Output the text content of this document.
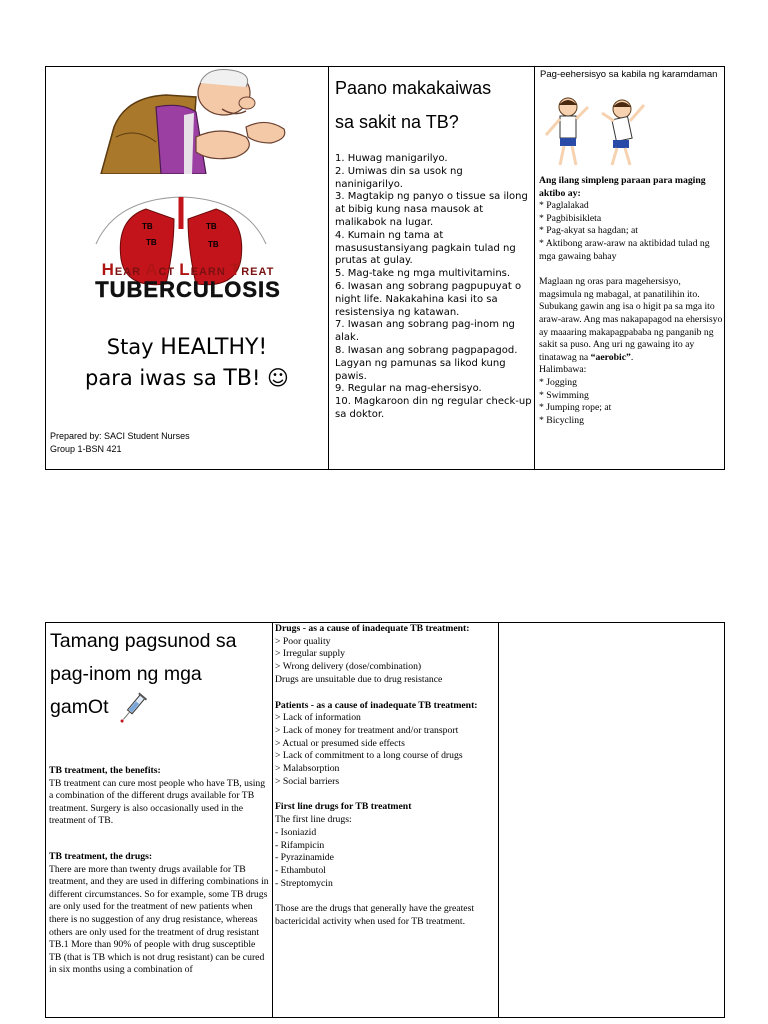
TB
TB
TB
TB
HEAR ACT LEARN TREAT
TUBERCULOSIS
Stay HEALTHY!
para iwas sa TB! ☺
Prepared by: SACI Student Nurses
Group 1-BSN 421
Paano makakaiwas
sa sakit na TB?
1. Huwag manigarilyo.
2. Umiwas din sa usok ng naninigarilyo.
3. Magtakip ng panyo o tissue sa ilong at bibig kung nasa mausok at malikabok na lugar.
4. Kumain ng tama at masusustansiyang pagkain tulad ng prutas at gulay.
5. Mag-take ng mga multivitamins.
6. Iwasan ang sobrang pagpupuyat o night life. Nakakahina kasi ito sa resistensiya ng katawan.
7. Iwasan ang sobrang pag-inom ng alak.
8. Iwasan ang sobrang pagpapagod. Lagyan ng pamunas sa likod kung pawis.
9. Regular na mag-ehersisyo.
10. Magkaroon din ng regular check-up sa doktor.
Pag-eehersisyo sa kabila ng karamdaman

Ang ilang simpleng paraan para maging aktibo ay:

* Paglalakad

* Pagbibisikleta

* Pag-akyat sa hagdan; at

* Aktibong araw-araw na aktibidad tulad ng mga gawaing bahay

Maglaan ng oras para magehersisyo, magsimula ng mabagal, at panatilihin ito. Subukang gawin ang isa o higit pa sa mga ito araw-araw. Ang mas nakapapagod na ehersisyo ay maaaring makapagpababa ng panganib ng sakit sa puso. Ang uri ng gawaing ito ay tinatawag na “aerobic”.

Halimbawa:

* Jogging

* Swimming

* Jumping rope; at

* Bicycling

Tamang pagsunod sa
pag-inom ng mga
gamOt

TB treatment, the benefits:

TB treatment can cure most people who have TB, using a combination of the different drugs available for TB treatment. Surgery is also occasionally used in the treatment of TB.

TB treatment, the drugs:

There are more than twenty drugs available for TB treatment, and they are used in differing combinations in different circumstances. So for example, some TB drugs are only used for the treatment of new patients when there is no suggestion of any drug resistance, whereas others are only used for the treatment of drug resistant TB.1 More than 90% of people with drug susceptible TB (that is TB which is not drug resistant) can be cured in six months using a combination of

Drugs - as a cause of inadequate TB treatment:

> Poor quality

> Irregular supply

> Wrong delivery (dose/combination)

Drugs are unsuitable due to drug resistance

Patients - as a cause of inadequate TB treatment:

> Lack of information

> Lack of money for treatment and/or transport

> Actual or presumed side effects

> Lack of commitment to a long course of drugs

> Malabsorption

> Social barriers

First line drugs for TB treatment

The first line drugs:

- Isoniazid

- Rifampicin

- Pyrazinamide

- Ethambutol

- Streptomycin

Those are the drugs that generally have the greatest bactericidal activity when used for TB treatment.
